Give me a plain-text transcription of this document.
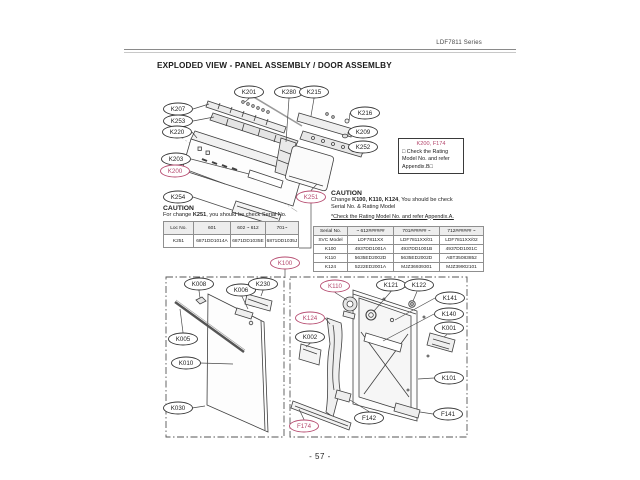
LDF7811 Series
EXPLODED VIEW - PANEL ASSEMBLY / DOOR ASSEMLBY
K201	K280 K215
K207
K253
K220
K203
K200
K254
K216
K209
K252
K251
K008
K006
K230
K005
K010
K030
K110	K121 K122
K141
K140
K001
K101
F141
F142
F174
K124
K002
K100
K200, F174
□ Check the Rating Model No. and refer Appendix.B□
CAUTION
For change K251, you should be check Serial No.
Loc No.	601	602 ~ 612	701~
K251	6871DD1014A	6871DD1035E	6871DD1035J
CAUTION
Change K100, K110, K124, You should be check
Serial No. & Rating Model
*Check the Rating Model No. and refer Appendix.A.
Serial No.	~ 612######	701###### ~	712###### ~
SVC Model	LDF7811XX	LDF7811XX/01	LDF7811XX/02
K100	4937DD1001A	4937DD1001B	4937DD1001C
K110	5635ED2002D	5635ED2002D	ABT35083852
K124	5222ED2001A	MJZ36939301	MJZ39902101
- 57 -
